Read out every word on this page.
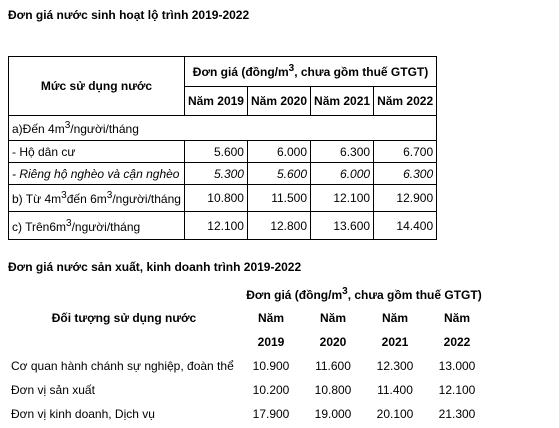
Đơn giá nước sinh hoạt lộ trình 2019-2022
Mức sử dụng nước	Đơn giá ($đồng/m^3$, chưa gồm thuế GTGT)			
	Năm 2019	Năm 2020	Năm 2021	Năm 2022
a)Đến $4m^3/người$/tháng				
- Hộ dân cư	5.600	6.000	6.300	6.700
- Riêng hộ nghèo và cận nghèo	5.300	5.600	6.000	6.300
b) Từ $4m^3đến$ $6m^3/người$/tháng	10.800	11.500	12.100	12.900
c) $Trên6m^3/người$/tháng	12.100	12.800	13.600	14.400
Đơn giá nước sản xuất, kinh doanh trình 2019-2022
	Đơn giá ($đồng/m^3$, chưa gồm thuế GTGT)			
Đối tượng sử dụng nước	Năm	Năm	Năm	Năm
	2019	2020	2021	2022
Cơ quan hành chánh sự nghiệp, đoàn thể	10.900	11.600	12.300	13.000
Đơn vị sản xuất	10.200	10.800	11.400	12.100
Đơn vị kinh doanh, Dịch vụ	17.900	19.000	20.100	21.300
